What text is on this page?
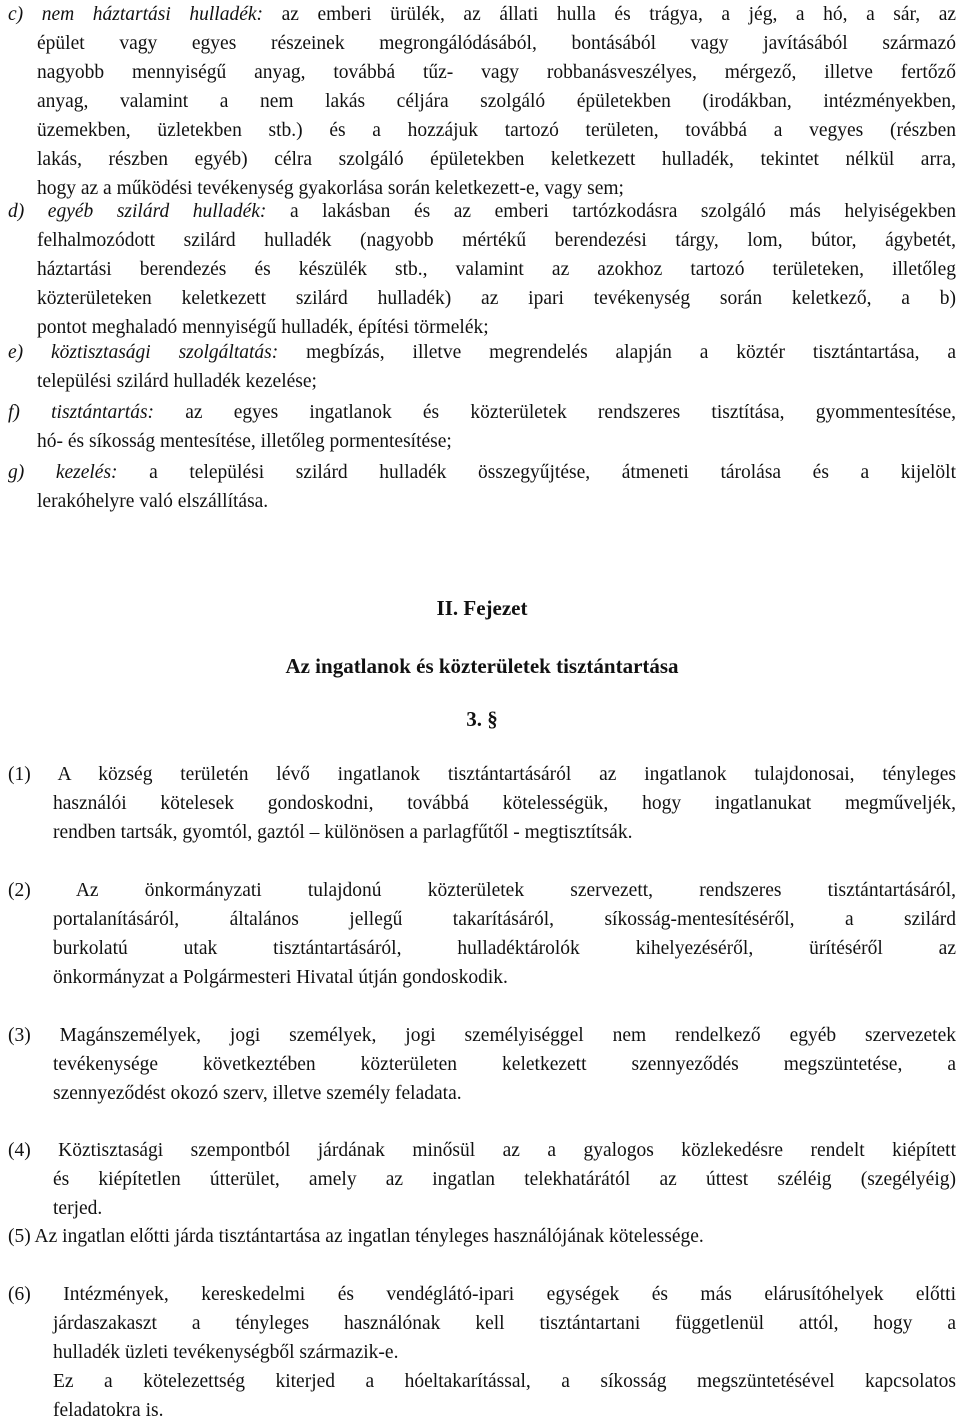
c) nem háztartási hulladék: az emberi ürülék, az állati hulla és trágya, a jég, a hó, a sár, az
épület vagy egyes részeinek megrongálódásából, bontásából vagy javításából származó
nagyobb mennyiségű anyag, továbbá tűz- vagy robbanásveszélyes, mérgező, illetve fertőző
anyag, valamint a nem lakás céljára szolgáló épületekben (irodákban, intézményekben,
üzemekben, üzletekben stb.) és a hozzájuk tartozó területen, továbbá a vegyes (részben
lakás, részben egyéb) célra szolgáló épületekben keletkezett hulladék, tekintet nélkül arra,
hogy az a működési tevékenység gyakorlása során keletkezett-e, vagy sem;
d) egyéb szilárd hulladék: a lakásban és az emberi tartózkodásra szolgáló más helyiségekben
felhalmozódott szilárd hulladék (nagyobb mértékű berendezési tárgy, lom, bútor, ágybetét,
háztartási berendezés és készülék stb., valamint az azokhoz tartozó területeken, illetőleg
közterületeken keletkezett szilárd hulladék) az ipari tevékenység során keletkező, a b)
pontot meghaladó mennyiségű hulladék, építési törmelék;
e) köztisztasági szolgáltatás: megbízás, illetve megrendelés alapján a köztér tisztántartása, a
települési szilárd hulladék kezelése;
f) tisztántartás: az egyes ingatlanok és közterületek rendszeres tisztítása, gyommentesítése,
hó- és síkosság mentesítése, illetőleg pormentesítése;
g) kezelés: a települési szilárd hulladék összegyűjtése, átmeneti tárolása és a kijelölt
lerakóhelyre való elszállítása.
II. Fejezet
Az ingatlanok és közterületek tisztántartása
3. §
(1) A község területén lévő ingatlanok tisztántartásáról az ingatlanok tulajdonosai, tényleges
használói kötelesek gondoskodni, továbbá kötelességük, hogy ingatlanukat megműveljék,
rendben tartsák, gyomtól, gaztól – különösen a parlagfűtől - megtisztítsák.
(2) Az önkormányzati tulajdonú közterületek szervezett, rendszeres tisztántartásáról,
portalanításáról, általános jellegű takarításáról, síkosság-mentesítéséről, a szilárd
burkolatú utak tisztántartásáról, hulladéktárolók kihelyezéséről, ürítéséről az
önkormányzat a Polgármesteri Hivatal útján gondoskodik.
(3) Magánszemélyek, jogi személyek, jogi személyiséggel nem rendelkező egyéb szervezetek
tevékenysége következtében közterületen keletkezett szennyeződés megszüntetése, a
szennyeződést okozó szerv, illetve személy feladata.
(4) Köztisztasági szempontból járdának minősül az a gyalogos közlekedésre rendelt kiépített
és kiépítetlen útterület, amely az ingatlan telekhatárától az úttest széléig (szegélyéig)
terjed.
(5) Az ingatlan előtti járda tisztántartása az ingatlan tényleges használójának kötelessége.
(6) Intézmények, kereskedelmi és vendéglátó-ipari egységek és más elárusítóhelyek előtti
járdaszakaszt a tényleges használónak kell tisztántartani függetlenül attól, hogy a
hulladék üzleti tevékenységből származik-e.
Ez a kötelezettség kiterjed a hóeltakarítással, a síkosság megszüntetésével kapcsolatos
feladatokra is.
